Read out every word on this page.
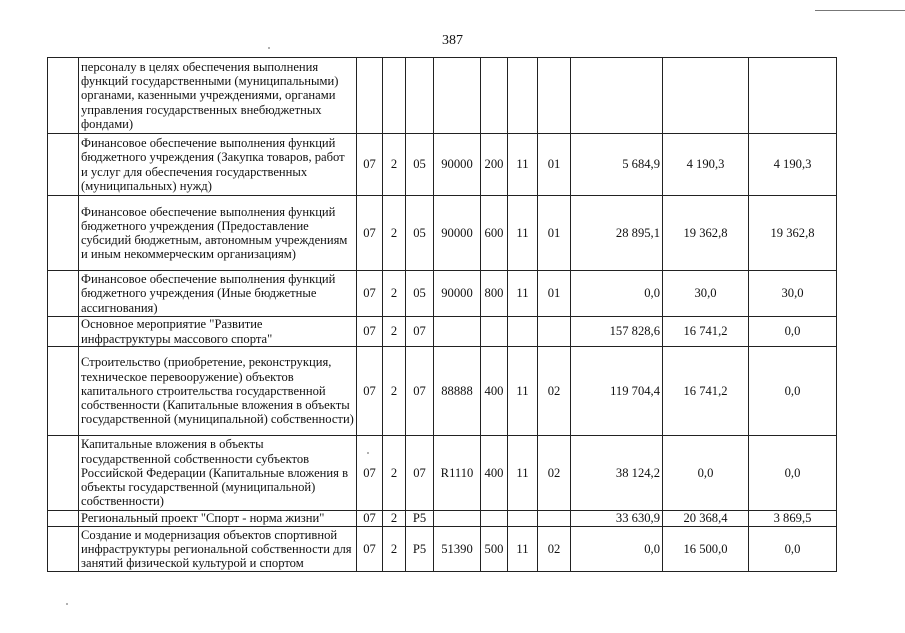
387
	персоналу в целях обеспечения выполнения функций государственными (муниципальными) органами, казенными учреждениями, органами управления государственных внебюджетных фондами)										
	Финансовое обеспечение выполнения функций бюджетного учреждения (Закупка товаров, работ и услуг для обеспечения государственных (муниципальных) нужд)	07	2	05	90000	200	11	01	5 684,9	4 190,3	4 190,3
	Финансовое обеспечение выполнения функций бюджетного учреждения (Предоставление субсидий бюджетным, автономным учреждениям и иным некоммерческим организациям)	07	2	05	90000	600	11	01	28 895,1	19 362,8	19 362,8
	Финансовое обеспечение выполнения функций бюджетного учреждения (Иные бюджетные ассигнования)	07	2	05	90000	800	11	01	0,0	30,0	30,0
	Основное мероприятие "Развитие инфраструктуры массового спорта"	07	2	07					157 828,6	16 741,2	0,0
	Строительство (приобретение, реконструкция, техническое перевооружение) объектов капитального строительства государственной собственности (Капитальные вложения в объекты государственной (муниципальной) собственности)	07	2	07	88888	400	11	02	119 704,4	16 741,2	0,0
	Капитальные вложения в объекты государственной собственности субъектов Российской Федерации (Капитальные вложения в объекты государственной (муниципальной) собственности)	07	2	07	R1110	400	11	02	38 124,2	0,0	0,0
	Региональный проект "Спорт - норма жизни"	07	2	P5					33 630,9	20 368,4	3 869,5
	Создание и модернизация объектов спортивной инфраструктуры региональной собственности для занятий физической культурой и спортом	07	2	P5	51390	500	11	02	0,0	16 500,0	0,0
